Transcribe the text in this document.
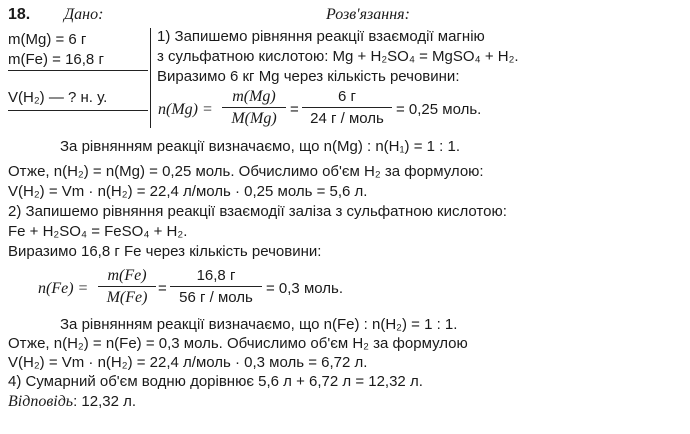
18. Дано:	Розв'язання:
m(Mg) = 6 г
m(Fe) = 16,8 г
V(H₂) — ? н. у.
1) Запишемо рівняння реакції взаємодії магнію
з сульфатною кислотою: Mg + H₂SO₄ = MgSO₄ + H₂.
Виразимо 6 кг Mg через кількість речовини:
n(Mg) =
m(Mg)
M(Mg)
=
6 г
24 г / моль
= 0,25 моль.
За рівнянням реакції визначаємо, що n(Mg) : n(H₁) = 1 : 1.
Отже, n(H₂) = n(Mg) = 0,25 моль. Обчислимо об'єм H₂ за формулою:
V(H₂) = Vm · n(H₂) = 22,4 л/моль · 0,25 моль = 5,6 л.
2) Запишемо рівняння реакції взаємодії заліза з сульфатною кислотою:
Fe + H₂SO₄ = FeSO₄ + H₂.
Виразимо 16,8 г Fe через кількість речовини:
n(Fe) =
m(Fe)
M(Fe)
=
16,8 г
56 г / моль
= 0,3 моль.
За рівнянням реакції визначаємо, що n(Fe) : n(H₂) = 1 : 1.
Отже, n(H₂) = n(Fe) = 0,3 моль. Обчислимо об'єм H₂ за формулою
V(H₂) = Vm · n(H₂) = 22,4 л/моль · 0,3 моль = 6,72 л.
4) Сумарний об'єм водню дорівнює 5,6 л + 6,72 л = 12,32 л.
Відповідь: 12,32 л.
